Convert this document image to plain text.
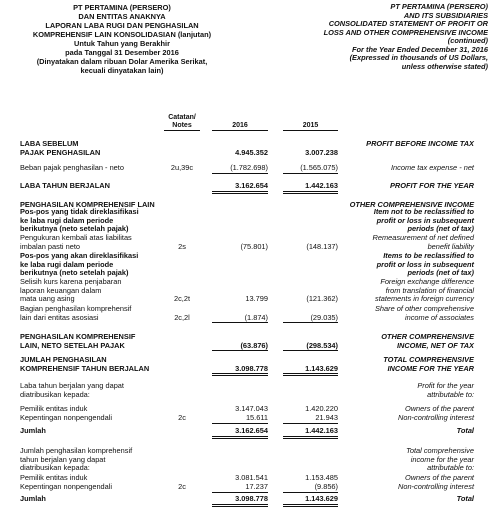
PT PERTAMINA (PERSERO)
DAN ENTITAS ANAKNYA
LAPORAN LABA RUGI DAN PENGHASILAN
KOMPREHENSIF LAIN KONSOLIDASIAN (lanjutan)
Untuk Tahun yang Berakhir
pada Tanggal 31 Desember 2016
(Dinyatakan dalam ribuan Dolar Amerika Serikat,
kecuali dinyatakan lain)
PT PERTAMINA (PERSERO)
AND ITS SUBSIDIARIES
CONSOLIDATED STATEMENT OF PROFIT OR
LOSS AND OTHER COMPREHENSIVE INCOME
(continued)
For the Year Ended December 31, 2016
(Expressed in thousands of US Dollars,
unless otherwise stated)
Catatan/
Notes	2016	2015
LABA SEBELUM
PAJAK PENGHASILAN	4.945.352	3.007.238
PROFIT BEFORE INCOME TAX
Beban pajak penghasilan - neto	2u,39c	(1.782.698)	(1.565.075)	Income tax expense - net
LABA TAHUN BERJALAN	3.162.654	1.442.163	PROFIT FOR THE YEAR
PENGHASILAN KOMPREHENSIF LAIN	OTHER COMPREHENSIVE INCOME
Pos-pos yang tidak direklasifikasi
ke laba rugi dalam periode
berikutnya (neto setelah pajak)
Item not to be reclassified to
profit or loss in subsequent
periods (net of tax)
Pengukuran kembali atas liabilitas
imbalan pasti neto	2s	(75.801)	(148.137)
Remeasurement of net defined
benefit liability
Pos-pos yang akan direklasifikasi
ke laba rugi dalam periode
berikutnya (neto setelah pajak)
Items to be reclassified to
profit or loss in subsequent
periods (net of tax)
Selisih kurs karena penjabaran
laporan keuangan dalam
mata uang asing	2c,2t	13.799	(121.362)
Foreign exchange difference
from translation of financial
statements in foreign currency
Bagian penghasilan komprehensif
lain dari entitas asosiasi	2c,2l	(1.874)	(29.035)
Share of other comprehensive
income of associates
PENGHASILAN KOMPREHENSIF
LAIN, NETO SETELAH PAJAK	(63.876)	(298.534)
OTHER COMPREHENSIVE
INCOME, NET OF TAX
JUMLAH PENGHASILAN
KOMPREHENSIF TAHUN BERJALAN	3.098.778	1.143.629
TOTAL COMPREHENSIVE
INCOME FOR THE YEAR
Laba tahun berjalan yang dapat
diatribusikan kepada:
Profit for the year
attributable to:
Pemilik entitas induk	3.147.043	1.420.220	Owners of the parent
Kepentingan nonpengendali	2c	15.611	21.943	Non-controlling interest
Jumlah	3.162.654	1.442.163	Total
Jumlah penghasilan komprehensif
tahun berjalan yang dapat
diatribusikan kepada:
Total comprehensive
income for the year
attributable to:
Pemilik entitas induk	3.081.541	1.153.485	Owners of the parent
Kepentingan nonpengendali	2c	17.237	(9.856)	Non-controlling interest
Jumlah	3.098.778	1.143.629	Total
